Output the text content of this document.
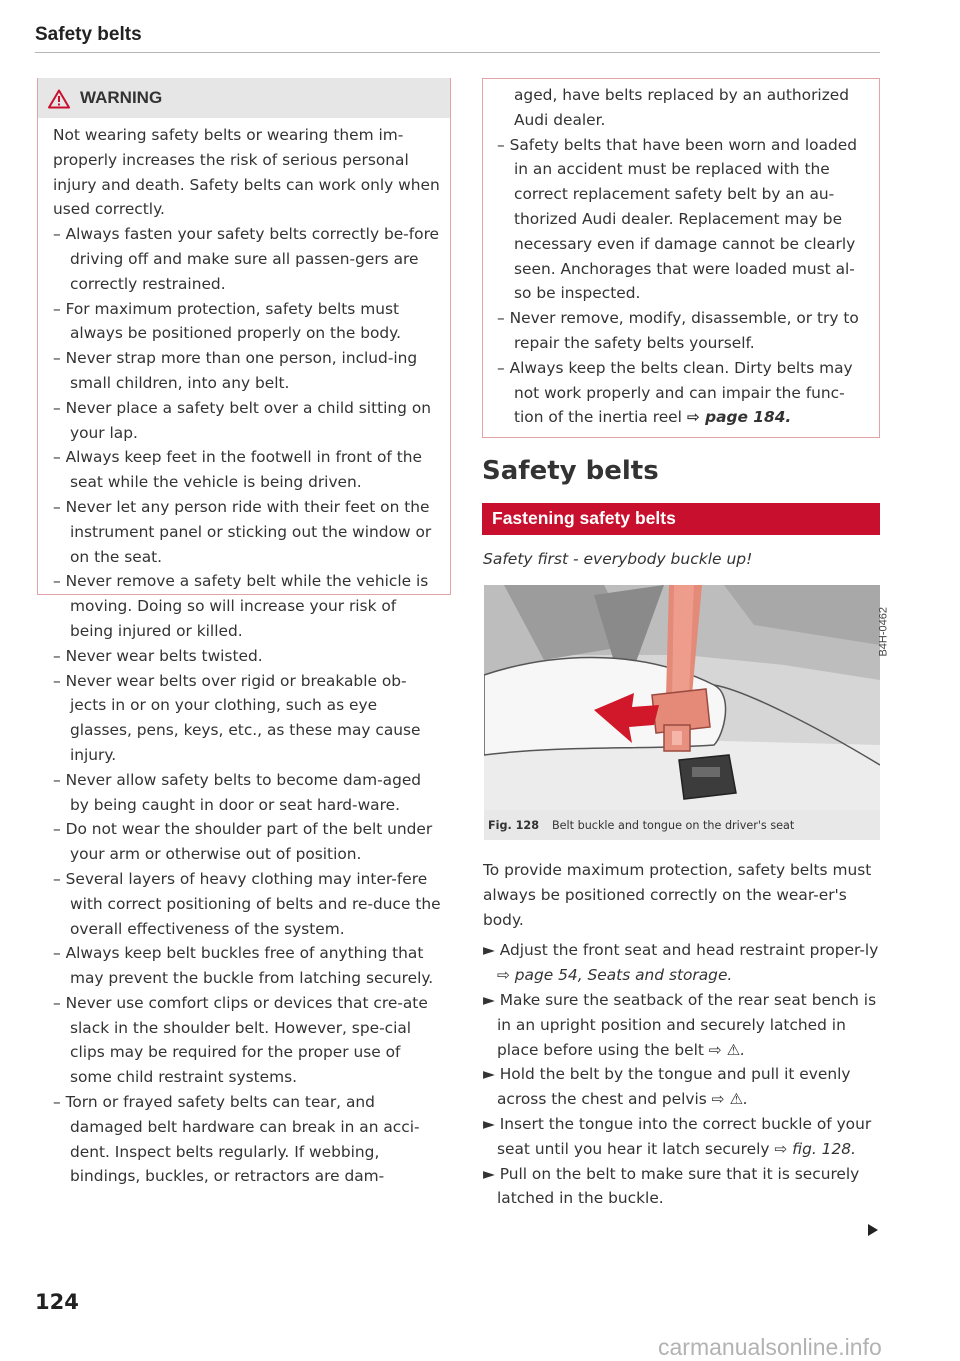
Safety belts
WARNING

Not wearing safety belts or wearing them im-properly increases the risk of serious personal injury and death. Safety belts can work only when used correctly.

– Always fasten your safety belts correctly be-fore driving off and make sure all passen-gers are correctly restrained.

– For maximum protection, safety belts must always be positioned properly on the body.

– Never strap more than one person, includ-ing small children, into any belt.

– Never place a safety belt over a child sitting on your lap.

– Always keep feet in the footwell in front of the seat while the vehicle is being driven.

– Never let any person ride with their feet on the instrument panel or sticking out the window or on the seat.

– Never remove a safety belt while the vehicle is moving. Doing so will increase your risk of being injured or killed.

– Never wear belts twisted.

– Never wear belts over rigid or breakable ob-jects in or on your clothing, such as eye glasses, pens, keys, etc., as these may cause injury.

– Never allow safety belts to become dam-aged by being caught in door or seat hard-ware.

– Do not wear the shoulder part of the belt under your arm or otherwise out of position.

– Several layers of heavy clothing may inter-fere with correct positioning of belts and re-duce the overall effectiveness of the system.

– Always keep belt buckles free of anything that may prevent the buckle from latching securely.

– Never use comfort clips or devices that cre-ate slack in the shoulder belt. However, spe-cial clips may be required for the proper use of some child restraint systems.

– Torn or frayed safety belts can tear, and damaged belt hardware can break in an acci-dent. Inspect belts regularly. If webbing, bindings, buckles, or retractors are dam-

aged, have belts replaced by an authorized Audi dealer.

– Safety belts that have been worn and loaded in an accident must be replaced with the correct replacement safety belt by an au-thorized Audi dealer. Replacement may be necessary even if damage cannot be clearly seen. Anchorages that were loaded must al-so be inspected.

– Never remove, modify, disassemble, or try to repair the safety belts yourself.

– Always keep the belts clean. Dirty belts may not work properly and can impair the func-tion of the inertia reel ⇨ page 184.

Safety belts
Fastening safety belts
Safety first - everybody buckle up!
B4H-0462
Fig. 128 Belt buckle and tongue on the driver's seat

To provide maximum protection, safety belts must always be positioned correctly on the wear-er's body.

► Adjust the front seat and head restraint proper-ly ⇨ page 54, Seats and storage.

► Make sure the seatback of the rear seat bench is in an upright position and securely latched in place before using the belt ⇨ ⚠.

► Hold the belt by the tongue and pull it evenly across the chest and pelvis ⇨ ⚠.

► Insert the tongue into the correct buckle of your seat until you hear it latch securely ⇨ fig. 128.

► Pull on the belt to make sure that it is securely latched in the buckle.

124
carmanualsonline.info
